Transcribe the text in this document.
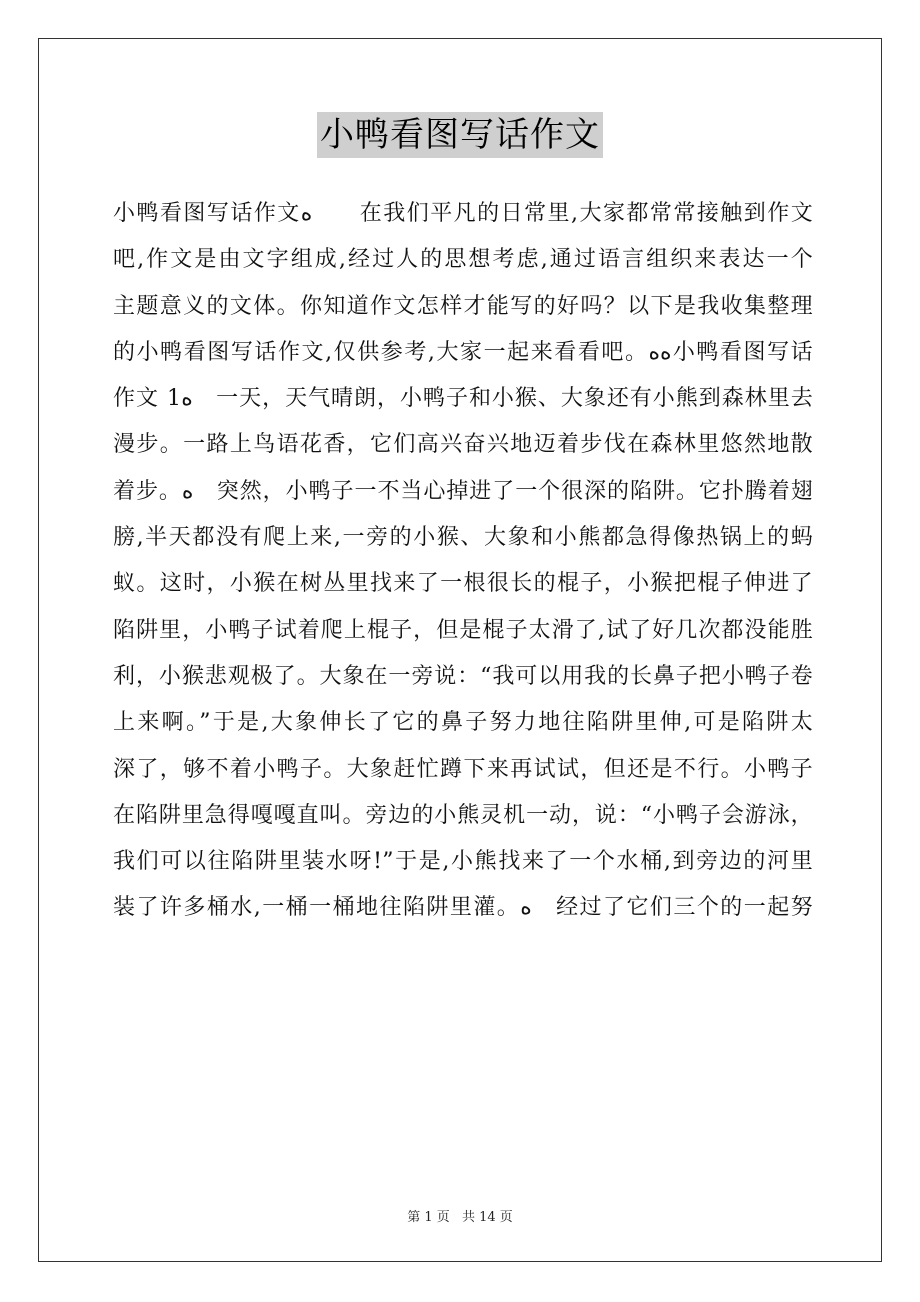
小鸭看图写话作文
小鸭看图写话作文ﻩ　　在我们平凡的日常里,大家都常常接触到作文
吧,作文是由文字组成,经过人的思想考虑,通过语言组织来表达一个
主题意义的文体。你知道作文怎样才能写的好吗？以下是我收集整理
的小鸭看图写话作文,仅供参考,大家一起来看看吧。ﻩﻩ小鸭看图写话
作文 1ﻩ　一天，天气晴朗，小鸭子和小猴、大象还有小熊到森林里去
漫步。一路上鸟语花香，它们高兴奋兴地迈着步伐在森林里悠然地散
着步。ﻩ　突然，小鸭子一不当心掉进了一个很深的陷阱。它扑腾着翅
膀,半天都没有爬上来,一旁的小猴、大象和小熊都急得像热锅上的蚂
蚁。这时，小猴在树丛里找来了一根很长的棍子，小猴把棍子伸进了
陷阱里，小鸭子试着爬上棍子，但是棍子太滑了,试了好几次都没能胜
利，小猴悲观极了。大象在一旁说：“我可以用我的长鼻子把小鸭子卷
上来啊。”于是,大象伸长了它的鼻子努力地往陷阱里伸,可是陷阱太
深了，够不着小鸭子。大象赶忙蹲下来再试试，但还是不行。小鸭子
在陷阱里急得嘎嘎直叫。旁边的小熊灵机一动，说：“小鸭子会游泳，
我们可以往陷阱里装水呀!”于是,小熊找来了一个水桶,到旁边的河里
装了许多桶水,一桶一桶地往陷阱里灌。ﻩ　经过了它们三个的一起努
第 1 页 共 14 页
